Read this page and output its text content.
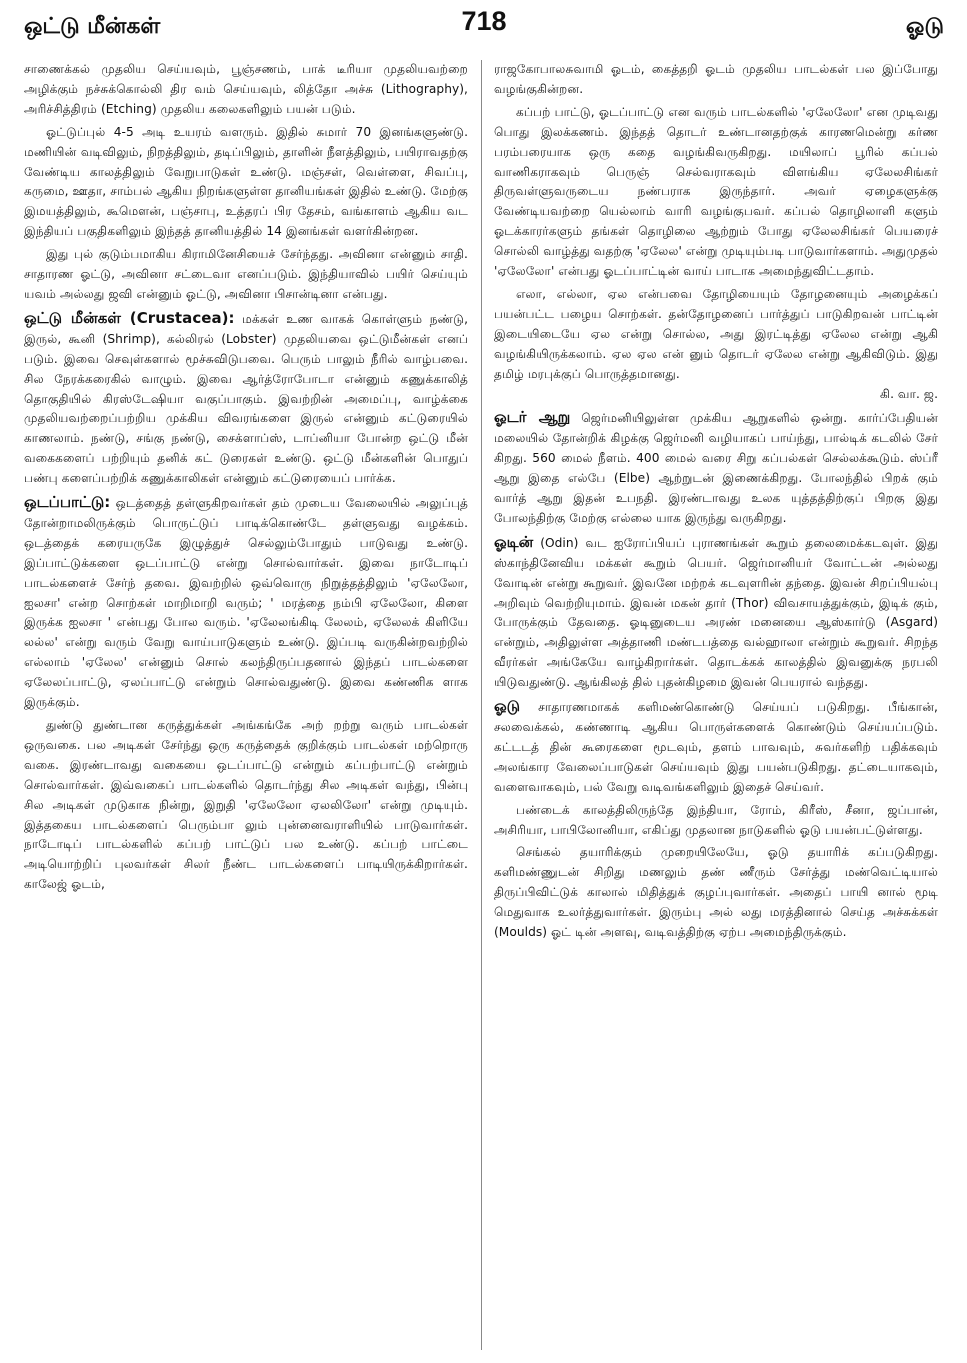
ஒட்டு மீன்கள்	718	ஓடு

சாணைக்கல் முதலிய செய்யவும், பூஞ்சணம், பாக் டீரியா முதலியவற்றை அழிக்கும் நச்சுக்கொல்லி திர வம் செய்யவும், லித்தோ அச்சு (Lithography), அரிச்சித்திரம் (Etching) முதலிய கலைகளிலும் பயன் படும்.

ஓட்டுப்புல் 4-5 அடி உயரம் வளரும். இதில் சுமார் 70 இனங்களுண்டு. மணியின் வடிவிலும், நிறத்திலும், தடிப்பிலும், தாளின் நீளத்திலும், பயிராவதற்கு வேண்டிய காலத்திலும் வேறுபாடுகள் உண்டு. மஞ்சள், வெள்ளை, சிவப்பு, கருமை, ஊதா, சாம்பல் ஆகிய நிறங்களுள்ள தானியங்கள் இதில் உண்டு. மேற்கு இமயத்திலும், கூமௌன், பஞ்சாபு, உத்தரப் பிர தேசம், வங்காளம் ஆகிய வட இந்தியப் பகுதிகளிலும் இந்தத் தானியத்தில் 14 இனங்கள் வளர்கின்றன.

இது புல் குடும்பமாகிய கிராமினேசியைச் சேர்ந்தது. அவினா என்னும் சாதி. சாதாரண ஓட்டு, அவினா சட்டைவா எனப்படும். இந்தியாவில் பயிர் செய்யும் யவம் அல்லது ஜவி என்னும் ஓட்டு, அவினா பிசான்டினா என்பது.

ஒட்டு மீன்கள் (Crustacea): மக்கள் உண வாகக் கொள்ளும் நண்டு, இருல், கூனி (Shrimp), கல்லிரல் (Lobster) முதலியவை ஒட்டுமீன்கள் எனப் படும். இவை செவுள்களால் மூச்சுவிடுபவை. பெரும் பாலும் நீரில் வாழ்பவை. சில நேரக்கரைகில் வாழும். இவை ஆர்த்ரோபோடா என்னும் கணுக்காலித் தொகுதியில் கிரஸ்டேஷியா வகுப்பாகும். இவற்றின் அமைப்பு, வாழ்க்கை முதலியவற்றைப்பற்றிய முக்கிய விவரங்களை இருல் என்னும் கட்டுரையில் காணலாம். நண்டு, சங்கு நண்டு, சைக்ளாப்ஸ், டாப்னியா போன்ற ஒட்டு மீன் வகைகளைப் பற்றியும் தனிக் கட் டுரைகள் உண்டு. ஒட்டு மீன்களின் பொதுப் பண்பு களைப்பற்றிக் கணுக்காலிகள் என்னும் கட்டுரையைப் பார்க்க.

ஒடப்பாட்டு: ஒடத்தைத் தள்ளுகிறவர்கள் தம் முடைய வேலையில் அலுப்புத் தோன்றாமலிருக்கும் பொருட்டுப் பாடிக்கொண்டே தள்ளுவது வழக்கம். ஒடத்தைக் கரையருகே இழுத்துச் செல்லும்போதும் பாடுவது உண்டு. இப்பாட்டுக்களை ஒடப்பாட்டு என்று சொல்வார்கள். இவை நாடோடிப் பாடல்களைச் சேர்ந் தவை. இவற்றில் ஒவ்வொரு நிறுத்தத்திலும் 'ஏலேலோ, ஐலசா' என்ற சொற்கள் மாறிமாறி வரும்; ' மரத்தை நம்பி ஏலேலோ, கிளை இருக்க ஐலசா ' என்பது போல வரும். 'ஏலேலங்கிடி லேலம், ஏலேலக் கிளியே லல்ல' என்று வரும் வேறு வாய்பாடுகளும் உண்டு. இப்படி வருகின்றவற்றில் எல்லாம் 'ஏலேல' என்னும் சொல் கலந்திருப்பதனால் இந்தப் பாடல்களை ஏலேலப்பாட்டு, ஏலப்பாட்டு என்றும் சொல்வதுண்டு. இவை கண்ணிக ளாக இருக்கும்.

துண்டு துண்டான கருத்துக்கள் அங்கங்கே அற் றற்று வரும் பாடல்கள் ஒருவகை. பல அடிகள் சேர்ந்து ஒரு கருத்தைக் குறிக்கும் பாடல்கள் மற்றொரு வகை. இரண்டாவது வகையை ஒடப்பாட்டு என்றும் கப்பற்பாட்டு என்றும் சொல்வார்கள். இவ்வகைப் பாடல்களில் தொடர்ந்து சில அடிகள் வந்து, பின்பு சில அடிகள் முடுகாக நின்று, இறுதி 'ஏலேலோ ஏலலிலோ' என்று முடியும். இத்தகைய பாடல்களைப் பெரும்பா லும் புன்னைவராளியில் பாடுவார்கள். நாடோடிப் பாடல்களில் கப்பற் பாட்டுப் பல உண்டு. கப்பற் பாட்டை அடியொற்றிப் புலவர்கள் சிலர் நீண்ட பாடல்களைப் பாடியிருக்கிறார்கள். காலேஜ் ஓடம்,

ராஜகோபாலசுவாமி ஓடம், கைத்தறி ஓடம் முதலிய பாடல்கள் பல இப்போது வழங்குகின்றன.

கப்பற் பாட்டு, ஓடப்பாட்டு என வரும் பாடல்களில் 'ஏலேலோ' என முடிவது பொது இலக்கணம். இந்தத் தொடர் உண்டானதற்குக் காரணமென்று கர்ண பரம்பரையாக ஒரு கதை வழங்கிவருகிறது. மயிலாப் பூரில் கப்பல் வாணிகராகவும் பெருஞ் செல்வராகவும் விளங்கிய ஏலேலசிங்கர் திருவள்ளுவருடைய நண்பராக இருந்தார். அவர் ஏழைகளுக்கு வேண்டியவற்றை யெல்லாம் வாரி வழங்குபவர். கப்பல் தொழிலாளி களும் ஓடக்காரர்களும் தங்கள் தொழிலை ஆற்றும் போது ஏலேலசிங்கர் பெயரைச் சொல்லி வாழ்த்து வதற்கு 'ஏலேல' என்று முடியும்படி பாடுவார்களாம். அதுமுதல் 'ஏலேலோ' என்பது ஓடப்பாட்டின் வாய் பாடாக அமைந்துவிட்டதாம்.

எலா, எல்லா, ஏல என்பவை தோழியையும் தோழனையும் அழைக்கப் பயன்பட்ட பழைய சொற்கள். தன்தோழனைப் பார்த்துப் பாடுகிறவன் பாட்டின் இடையிடையே ஏல என்று சொல்ல, அது இரட்டித்து ஏலேல என்று ஆகி வழங்கியிருக்கலாம். ஏல ஏல என் னும் தொடர் ஏலேல என்று ஆகிவிடும். இது தமிழ் மரபுக்குப் பொருத்தமானது.
கி. வா. ஜ.

ஓடர் ஆறு ஜெர்மனியிலுள்ள முக்கிய ஆறுகளில் ஒன்று. கார்ப்பேதியன் மலையில் தோன்றிக் கிழக்கு ஜெர்மனி வழியாகப் பாய்ந்து, பால்டிக் கடலில் சேர் கிறது. 560 மைல் நீளம். 400 மைல் வரை சிறு கப்பல்கள் செல்லக்கூடும். ஸ்ப்ரீ ஆறு இதை எல்பே (Elbe) ஆற்றுடன் இணைக்கிறது. போலந்தில் பிறக் கும் வார்த் ஆறு இதன் உபநதி. இரண்டாவது உலக யுத்தத்திற்குப் பிறகு இது போலந்திற்கு மேற்கு எல்லை யாக இருந்து வருகிறது.

ஓடின் (Odin) வட ஐரோப்பியப் புராணங்கள் கூறும் தலைமைக்கடவுள். இது ஸ்காந்தினேவிய மக்கள் கூறும் பெயர். ஜெர்மானியர் வோட்டன் அல்லது வோடின் என்று கூறுவர். இவனே மற்றக் கடவுளரின் தந்தை. இவன் சிறப்பியல்பு அறிவும் வெற்றியுமாம். இவன் மகன் தார் (Thor) விவசாயத்துக்கும், இடிக் கும், போருக்கும் தேவதை. ஓடினுடைய அரண் மனையை ஆஸ்கார்டு (Asgard) என்றும், அதிலுள்ள அத்தாணி மண்டபத்தை வல்ஹாலா என்றும் கூறுவர். சிறந்த வீரர்கள் அங்கேயே வாழ்கிறார்கள். தொடக்கக் காலத்தில் இவனுக்கு நரபலி யிடுவதுண்டு. ஆங்கிலத் தில் புதன்கிழமை இவன் பெயரால் வந்தது.

ஓடு சாதாரணமாகக் களிமண்கொண்டு செய்யப் படுகிறது. பீங்கான், சலவைக்கல், கண்ணாடி ஆகிய பொருள்களைக் கொண்டும் செய்யப்படும். கட்டடத் தின் கூரைகளை மூடவும், தளம் பாவவும், சுவர்களிற் பதிக்கவும் அலங்கார வேலைப்பாடுகள் செய்யவும் இது பயன்படுகிறது. தட்டையாகவும், வளைவாகவும், பல் வேறு வடிவங்களிலும் இதைச் செய்வர்.

பண்டைக் காலத்திலிருந்தே இந்தியா, ரோம், கிரீஸ், சீனா, ஜப்பான், அசிரியா, பாபிலோனியா, எகிப்து முதலான நாடுகளில் ஓடு பயன்பட்டுள்ளது.

செங்கல் தயாரிக்கும் முறையிலேயே, ஓடு தயாரிக் கப்படுகிறது. களிமண்ணுடன் சிறிது மணலும் தண் ணீரும் சேர்த்து மண்வெட்டியால் திருப்பிவிட்டுக் காலால் மிதித்துக் குழப்புவார்கள். அதைப் பாயி னால் மூடி மெதுவாக உலர்த்துவார்கள். இரும்பு அல் லது மரத்தினால் செய்த அச்சுக்கள் (Moulds) ஓட் டின் அளவு, வடிவத்திற்கு ஏற்ப அமைந்திருக்கும்.
